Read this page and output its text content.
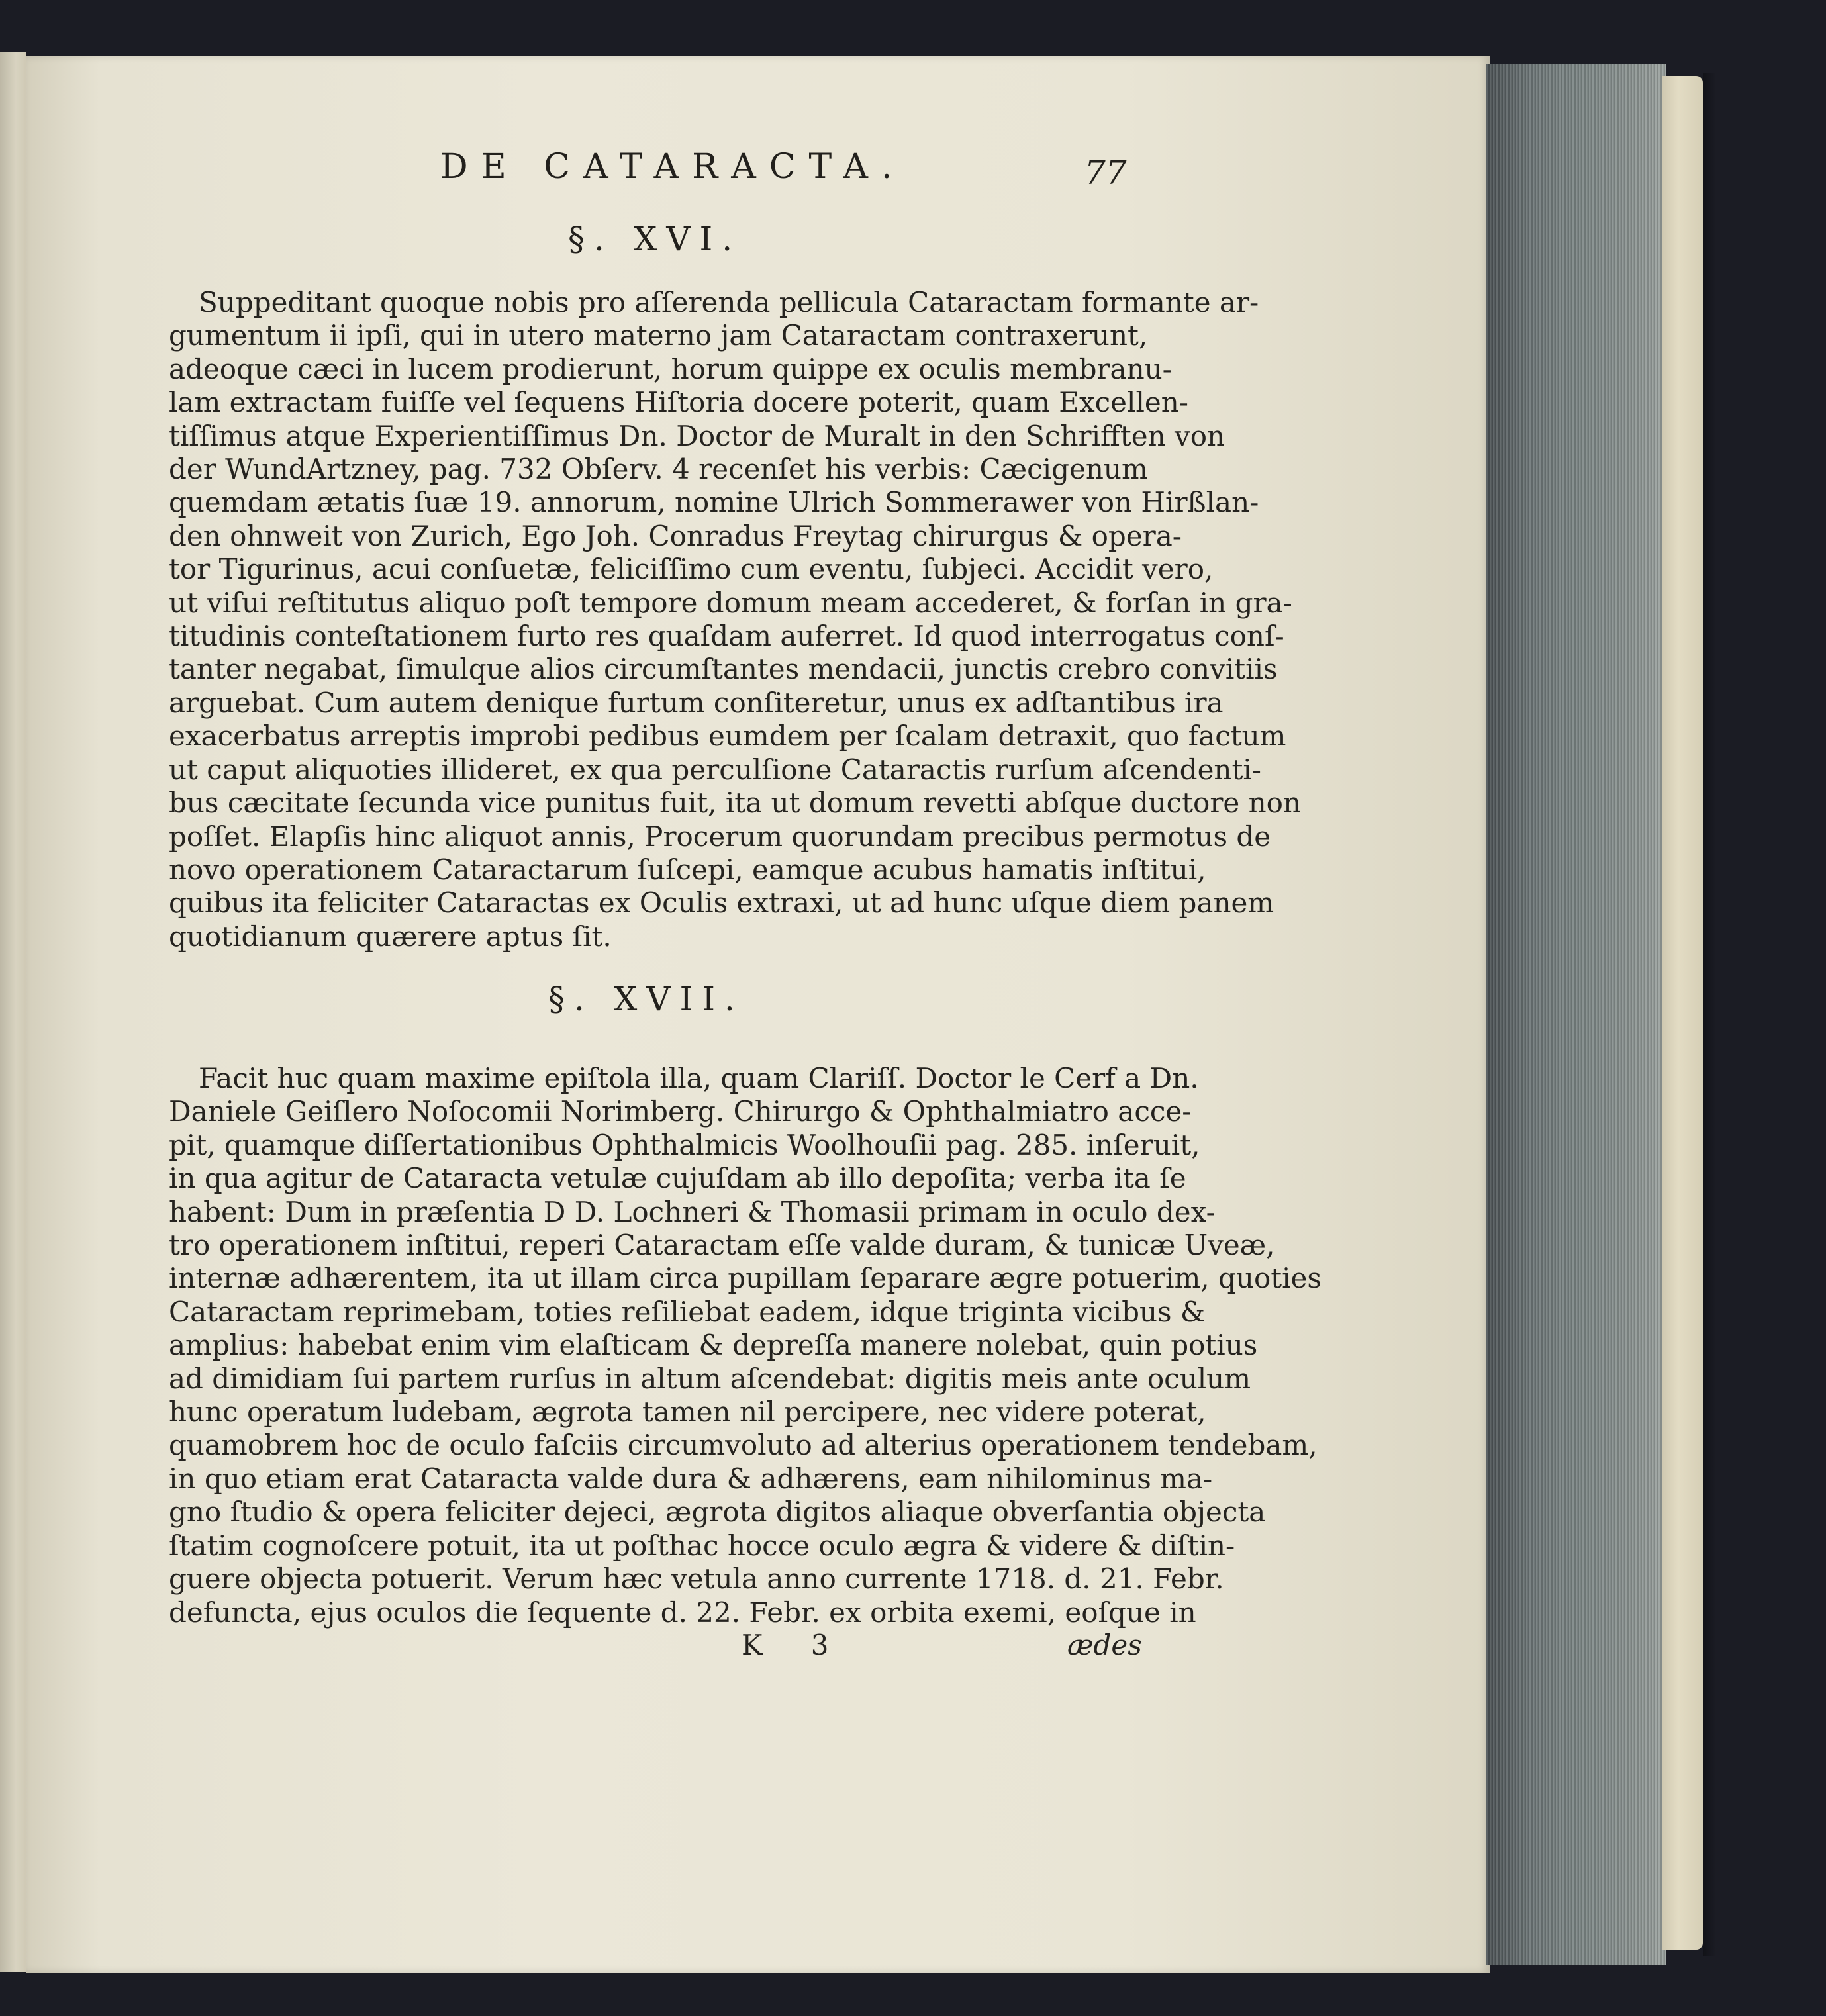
DE CATARACTA.	77
§. XVI.
Suppeditant quoque nobis pro aſſerenda pellicula Cataractam formante ar-
gumentum ii ipſi, qui in utero materno jam Cataractam contraxerunt,
adeoque cæci in lucem prodierunt, horum quippe ex oculis membranu-
lam extractam fuiſſe vel ſequens Hiſtoria docere poterit, quam Excellen-
tiſſimus atque Experientiſſimus Dn. Doctor de Muralt in den Schrifften von
der WundArtzney, pag. 732 Obſerv. 4 recenſet his verbis: Cæcigenum
quemdam ætatis ſuæ 19. annorum, nomine Ulrich Sommerawer von Hirßlan-
den ohnweit von Zurich, Ego Joh. Conradus Freytag chirurgus & opera-
tor Tigurinus, acui conſuetæ, feliciſſimo cum eventu, ſubjeci. Accidit vero,
ut viſui reſtitutus aliquo poſt tempore domum meam accederet, & forſan in gra-
titudinis conteſtationem furto res quaſdam auferret. Id quod interrogatus conſ-
tanter negabat, ſimulque alios circumſtantes mendacii, junctis crebro convitiis
arguebat. Cum autem denique furtum conſiteretur, unus ex adſtantibus ira
exacerbatus arreptis improbi pedibus eumdem per ſcalam detraxit, quo factum
ut caput aliquoties illideret, ex qua perculſione Cataractis rurſum aſcendenti-
bus cæcitate ſecunda vice punitus fuit, ita ut domum revetti abſque ductore non
poſſet. Elapſis hinc aliquot annis, Procerum quorundam precibus permotus de
novo operationem Cataractarum ſuſcepi, eamque acubus hamatis inſtitui,
quibus ita feliciter Cataractas ex Oculis extraxi, ut ad hunc uſque diem panem
quotidianum quærere aptus ſit.
§. XVII.
Facit huc quam maxime epiſtola illa, quam Clariſſ. Doctor le Cerf a Dn.
Daniele Geiſlero Noſocomii Norimberg. Chirurgo & Ophthalmiatro acce-
pit, quamque diſſertationibus Ophthalmicis Woolhouſii pag. 285. inſeruit,
in qua agitur de Cataracta vetulæ cujuſdam ab illo depoſita; verba ita ſe
habent: Dum in præſentia D D. Lochneri & Thomasii primam in oculo dex-
tro operationem inſtitui, reperi Cataractam eſſe valde duram, & tunicæ Uveæ,
internæ adhærentem, ita ut illam circa pupillam ſeparare ægre potuerim, quoties
Cataractam reprimebam, toties reſiliebat eadem, idque triginta vicibus &
amplius: habebat enim vim elaſticam & depreſſa manere nolebat, quin potius
ad dimidiam ſui partem rurſus in altum aſcendebat: digitis meis ante oculum
hunc operatum ludebam, ægrota tamen nil percipere, nec videre poterat,
quamobrem hoc de oculo faſciis circumvoluto ad alterius operationem tendebam,
in quo etiam erat Cataracta valde dura & adhærens, eam nihilominus ma-
gno ſtudio & opera feliciter dejeci, ægrota digitos aliaque obverſantia objecta
ſtatim cognoſcere potuit, ita ut poſthac hocce oculo ægra & videre & diſtin-
guere objecta potuerit. Verum hæc vetula anno currente 1718. d. 21. Febr.
defuncta, ejus oculos die ſequente d. 22. Febr. ex orbita exemi, eoſque in
K 3	ædes
